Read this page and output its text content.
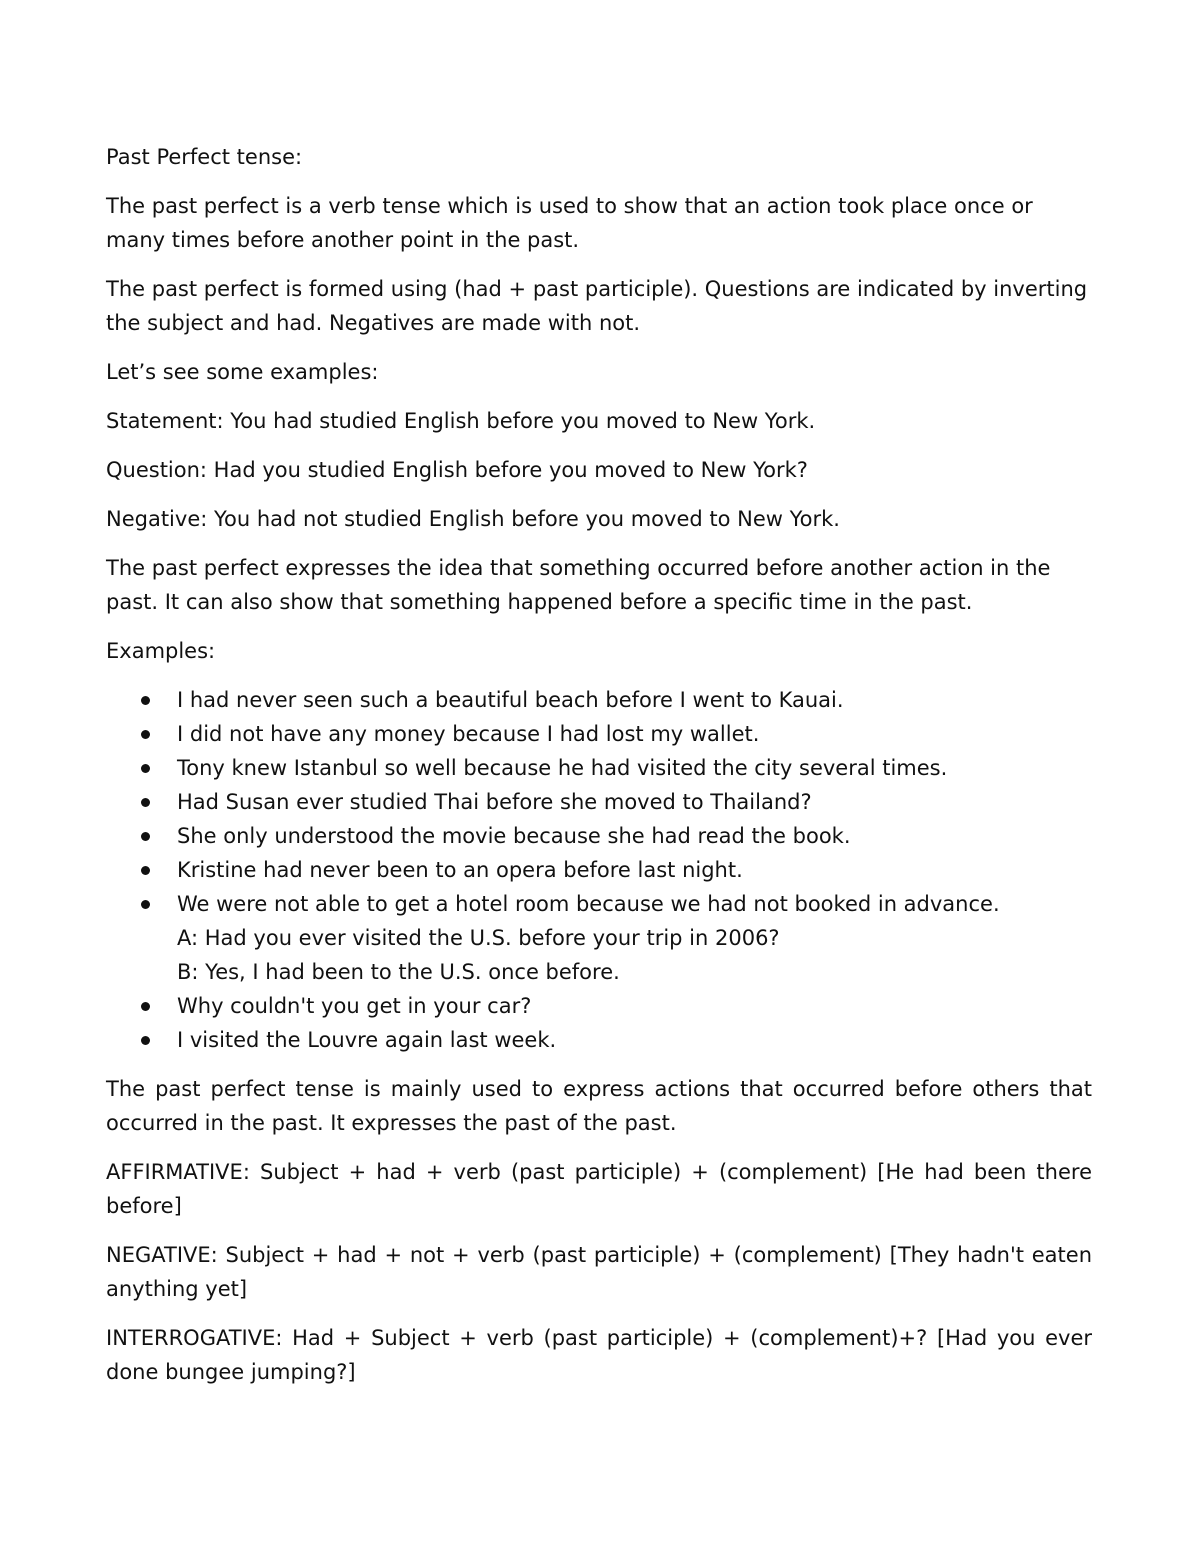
Past Perfect tense:

The past perfect is a verb tense which is used to show that an action took place once or many times before another point in the past.

The past perfect is formed using (had + past participle). Questions are indicated by inverting the subject and had. Negatives are made with not.

Let’s see some examples:

Statement: You had studied English before you moved to New York.

Question: Had you studied English before you moved to New York?

Negative: You had not studied English before you moved to New York.

The past perfect expresses the idea that something occurred before another action in the past. It can also show that something happened before a specific time in the past.

Examples:

I had never seen such a beautiful beach before I went to Kauai.
I did not have any money because I had lost my wallet.
Tony knew Istanbul so well because he had visited the city several times.
Had Susan ever studied Thai before she moved to Thailand?
She only understood the movie because she had read the book.
Kristine had never been to an opera before last night.
We were not able to get a hotel room because we had not booked in advance.
A: Had you ever visited the U.S. before your trip in 2006?
B: Yes, I had been to the U.S. once before.
Why couldn't you get in your car?
I visited the Louvre again last week.

The past perfect tense is mainly used to express actions that occurred before others that occurred in the past. It expresses the past of the past.

AFFIRMATIVE: Subject + had + verb (past participle) + (complement) [He had been there before]

NEGATIVE: Subject + had + not + verb (past participle) + (complement) [They hadn't eaten anything yet]

INTERROGATIVE: Had + Subject + verb (past participle) + (complement)+? [Had you ever done bungee jumping?]
